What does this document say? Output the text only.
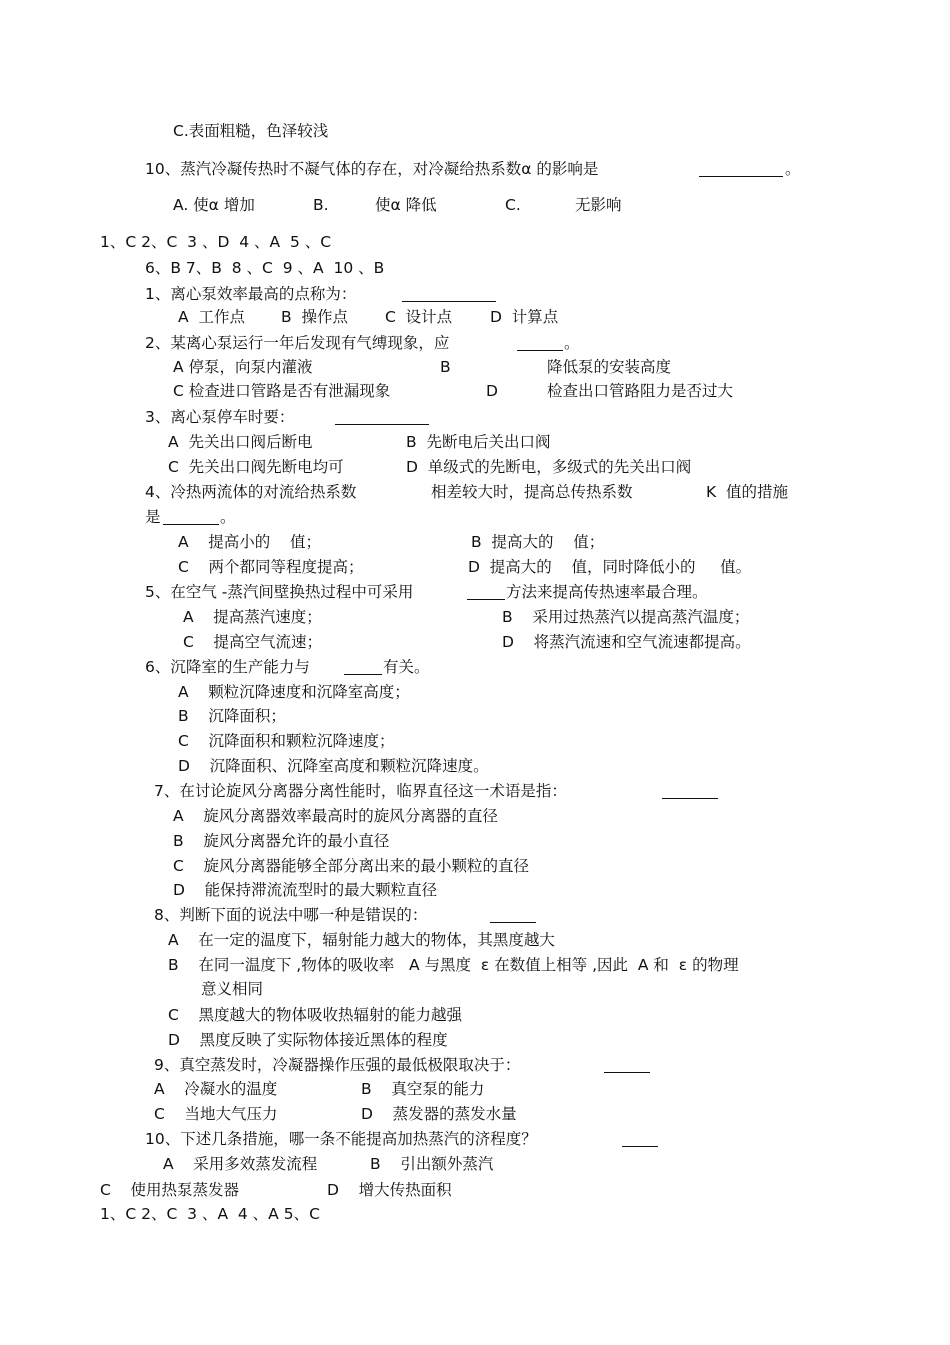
C.表面粗糙，色泽较浅
10、蒸汽冷凝传热时不凝气体的存在，对冷凝给热系数α 的影响是	。
A. 使α 增加	B.	使α 降低	C.	无影响
1、C 2、C  3 、D  4 、A  5 、C
6、B 7、B  8 、C  9 、A  10 、B
1、离心泵效率最高的点称为：
A  工作点 B  操作点 C  设计点 D  计算点
2、某离心泵运行一年后发现有气缚现象，应	。
A 停泵，向泵内灌液	B	降低泵的安装高度
C 检查进口管路是否有泄漏现象	D	检查出口管路阻力是否过大
3、离心泵停车时要：
A  先关出口阀后断电	B  先断电后关出口阀
C  先关出口阀先断电均可	D  单级式的先断电，多级式的先关出口阀
4、冷热两流体的对流给热系数	相差较大时，提高总传热系数	K  值的措施
是	。
A    提高小的    值；	B  提高大的    值；
C    两个都同等程度提高；	D  提高大的    值，同时降低小的     值。
5、在空气 -蒸汽间壁换热过程中可采用	方法来提高传热速率最合理。
A    提高蒸汽速度；	B    采用过热蒸汽以提高蒸汽温度；
C    提高空气流速；	D    将蒸汽流速和空气流速都提高。
6、沉降室的生产能力与	有关。
A    颗粒沉降速度和沉降室高度；
B    沉降面积；
C    沉降面积和颗粒沉降速度；
D    沉降面积、沉降室高度和颗粒沉降速度。
7、在讨论旋风分离器分离性能时，临界直径这一术语是指：
A    旋风分离器效率最高时的旋风分离器的直径
B    旋风分离器允许的最小直径
C    旋风分离器能够全部分离出来的最小颗粒的直径
D    能保持滞流流型时的最大颗粒直径
8、判断下面的说法中哪一种是错误的：
A    在一定的温度下，辐射能力越大的物体，其黑度越大
B    在同一温度下 ,物体的吸收率   A 与黑度  ε 在数值上相等 ,因此  A 和  ε 的物理
意义相同
C    黑度越大的物体吸收热辐射的能力越强
D    黑度反映了实际物体接近黑体的程度
9、真空蒸发时，冷凝器操作压强的最低极限取决于：
A    冷凝水的温度	B    真空泵的能力
C    当地大气压力	D    蒸发器的蒸发水量
10、下述几条措施，哪一条不能提高加热蒸汽的济程度？
A    采用多效蒸发流程	B    引出额外蒸汽
C    使用热泵蒸发器	D    增大传热面积
1、C 2、C  3 、A  4 、A 5、C
